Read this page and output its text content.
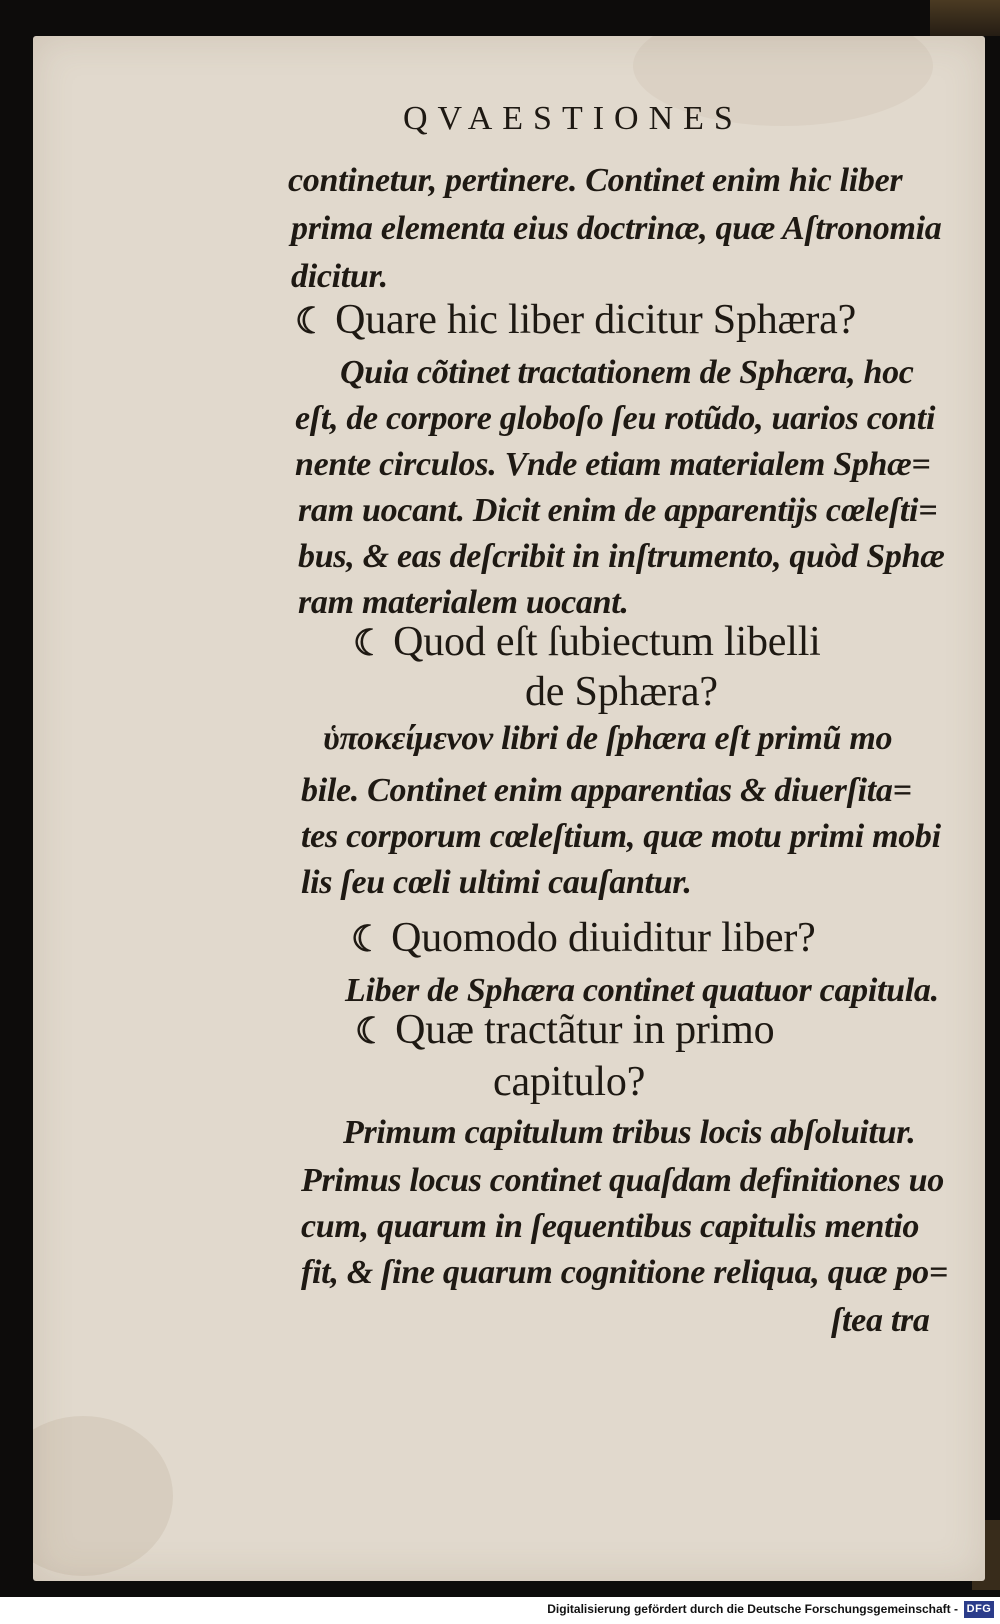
QVAESTIONES
continetur, pertinere. Continet enim hic liber
prima elementa eius doctrinæ, quæ Aſtronomia
dicitur.
☾ Quare hic liber dicitur Sphæra?
Quia cõtinet tractationem de Sphæra, hoc
eſt, de corpore globoſo ſeu rotũdo, uarios conti
nente circulos. Vnde etiam materialem Sphæ=
ram uocant. Dicit enim de apparentijs cœleſti=
bus, & eas deſcribit in inſtrumento, quòd Sphæ
ram materialem uocant.
☾ Quod eſt ſubiectum libelli
de Sphæra?
ὑποκείμενον libri de ſphæra eſt primũ mo
bile. Continet enim apparentias & diuerſita=
tes corporum cœleſtium, quæ motu primi mobi
lis ſeu cœli ultimi cauſantur.
☾ Quomodo diuiditur liber?
Liber de Sphæra continet quatuor capitula.
☾ Quæ tractãtur in primo
capitulo?
Primum capitulum tribus locis abſoluitur.
Primus locus continet quaſdam definitiones uo
cum, quarum in ſequentibus capitulis mentio
fit, & ſine quarum cognitione reliqua, quæ po=
ſtea tra
Digitalisierung gefördert durch die Deutsche Forschungsgemeinschaft - DFG
